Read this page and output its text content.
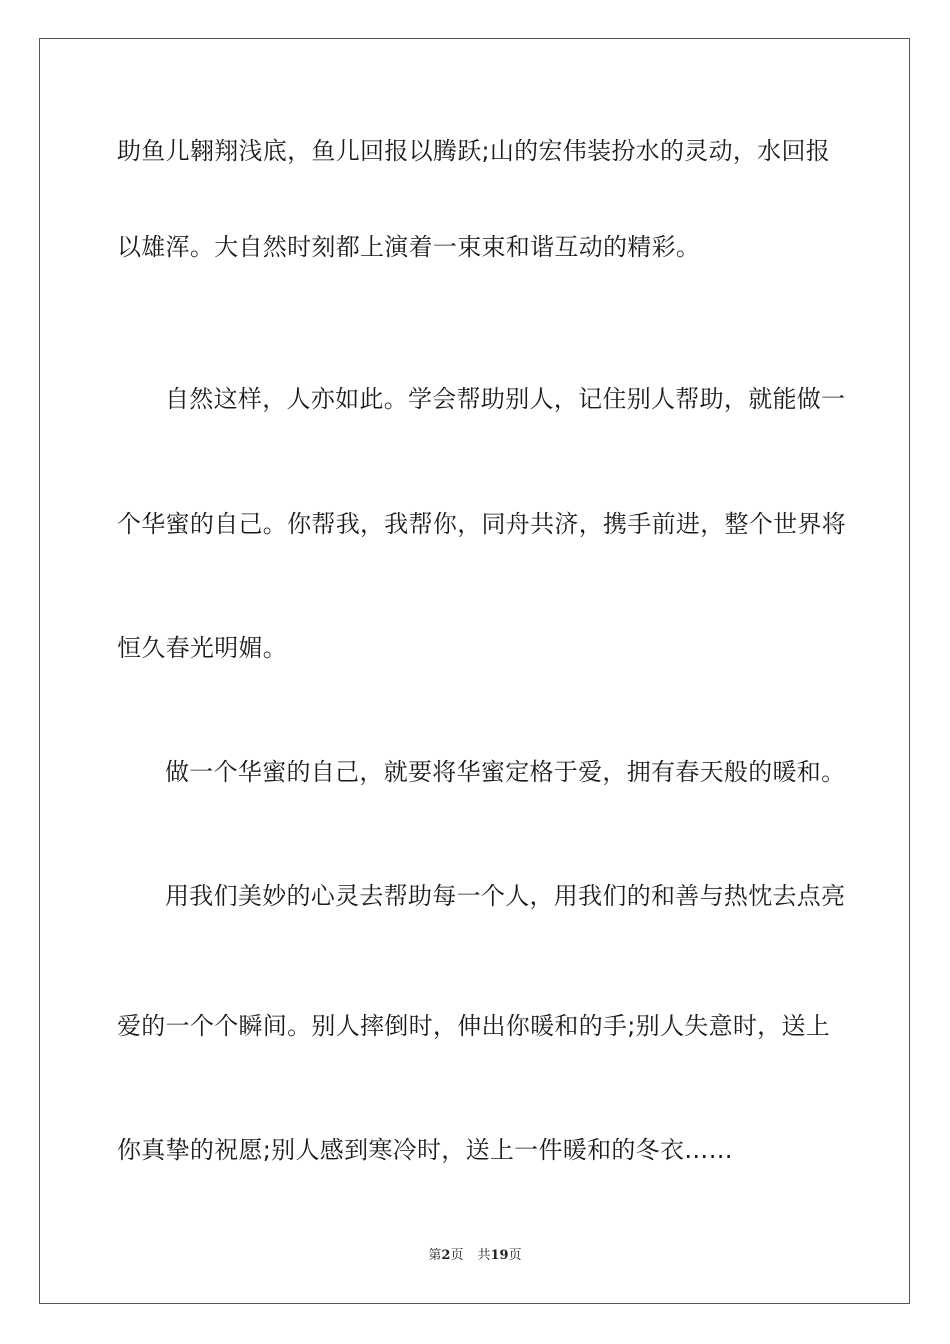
助鱼儿翱翔浅底，鱼儿回报以腾跃;山的宏伟装扮水的灵动，水回报
以雄浑。大自然时刻都上演着一束束和谐互动的精彩。
自然这样，人亦如此。学会帮助别人，记住别人帮助，就能做一
个华蜜的自己。你帮我，我帮你，同舟共济，携手前进，整个世界将
恒久春光明媚。
做一个华蜜的自己，就要将华蜜定格于爱，拥有春天般的暖和。
用我们美妙的心灵去帮助每一个人，用我们的和善与热忱去点亮
爱的一个个瞬间。别人摔倒时，伸出你暖和的手;别人失意时，送上
你真挚的祝愿;别人感到寒冷时，送上一件暖和的冬衣……
第2页 共19页
